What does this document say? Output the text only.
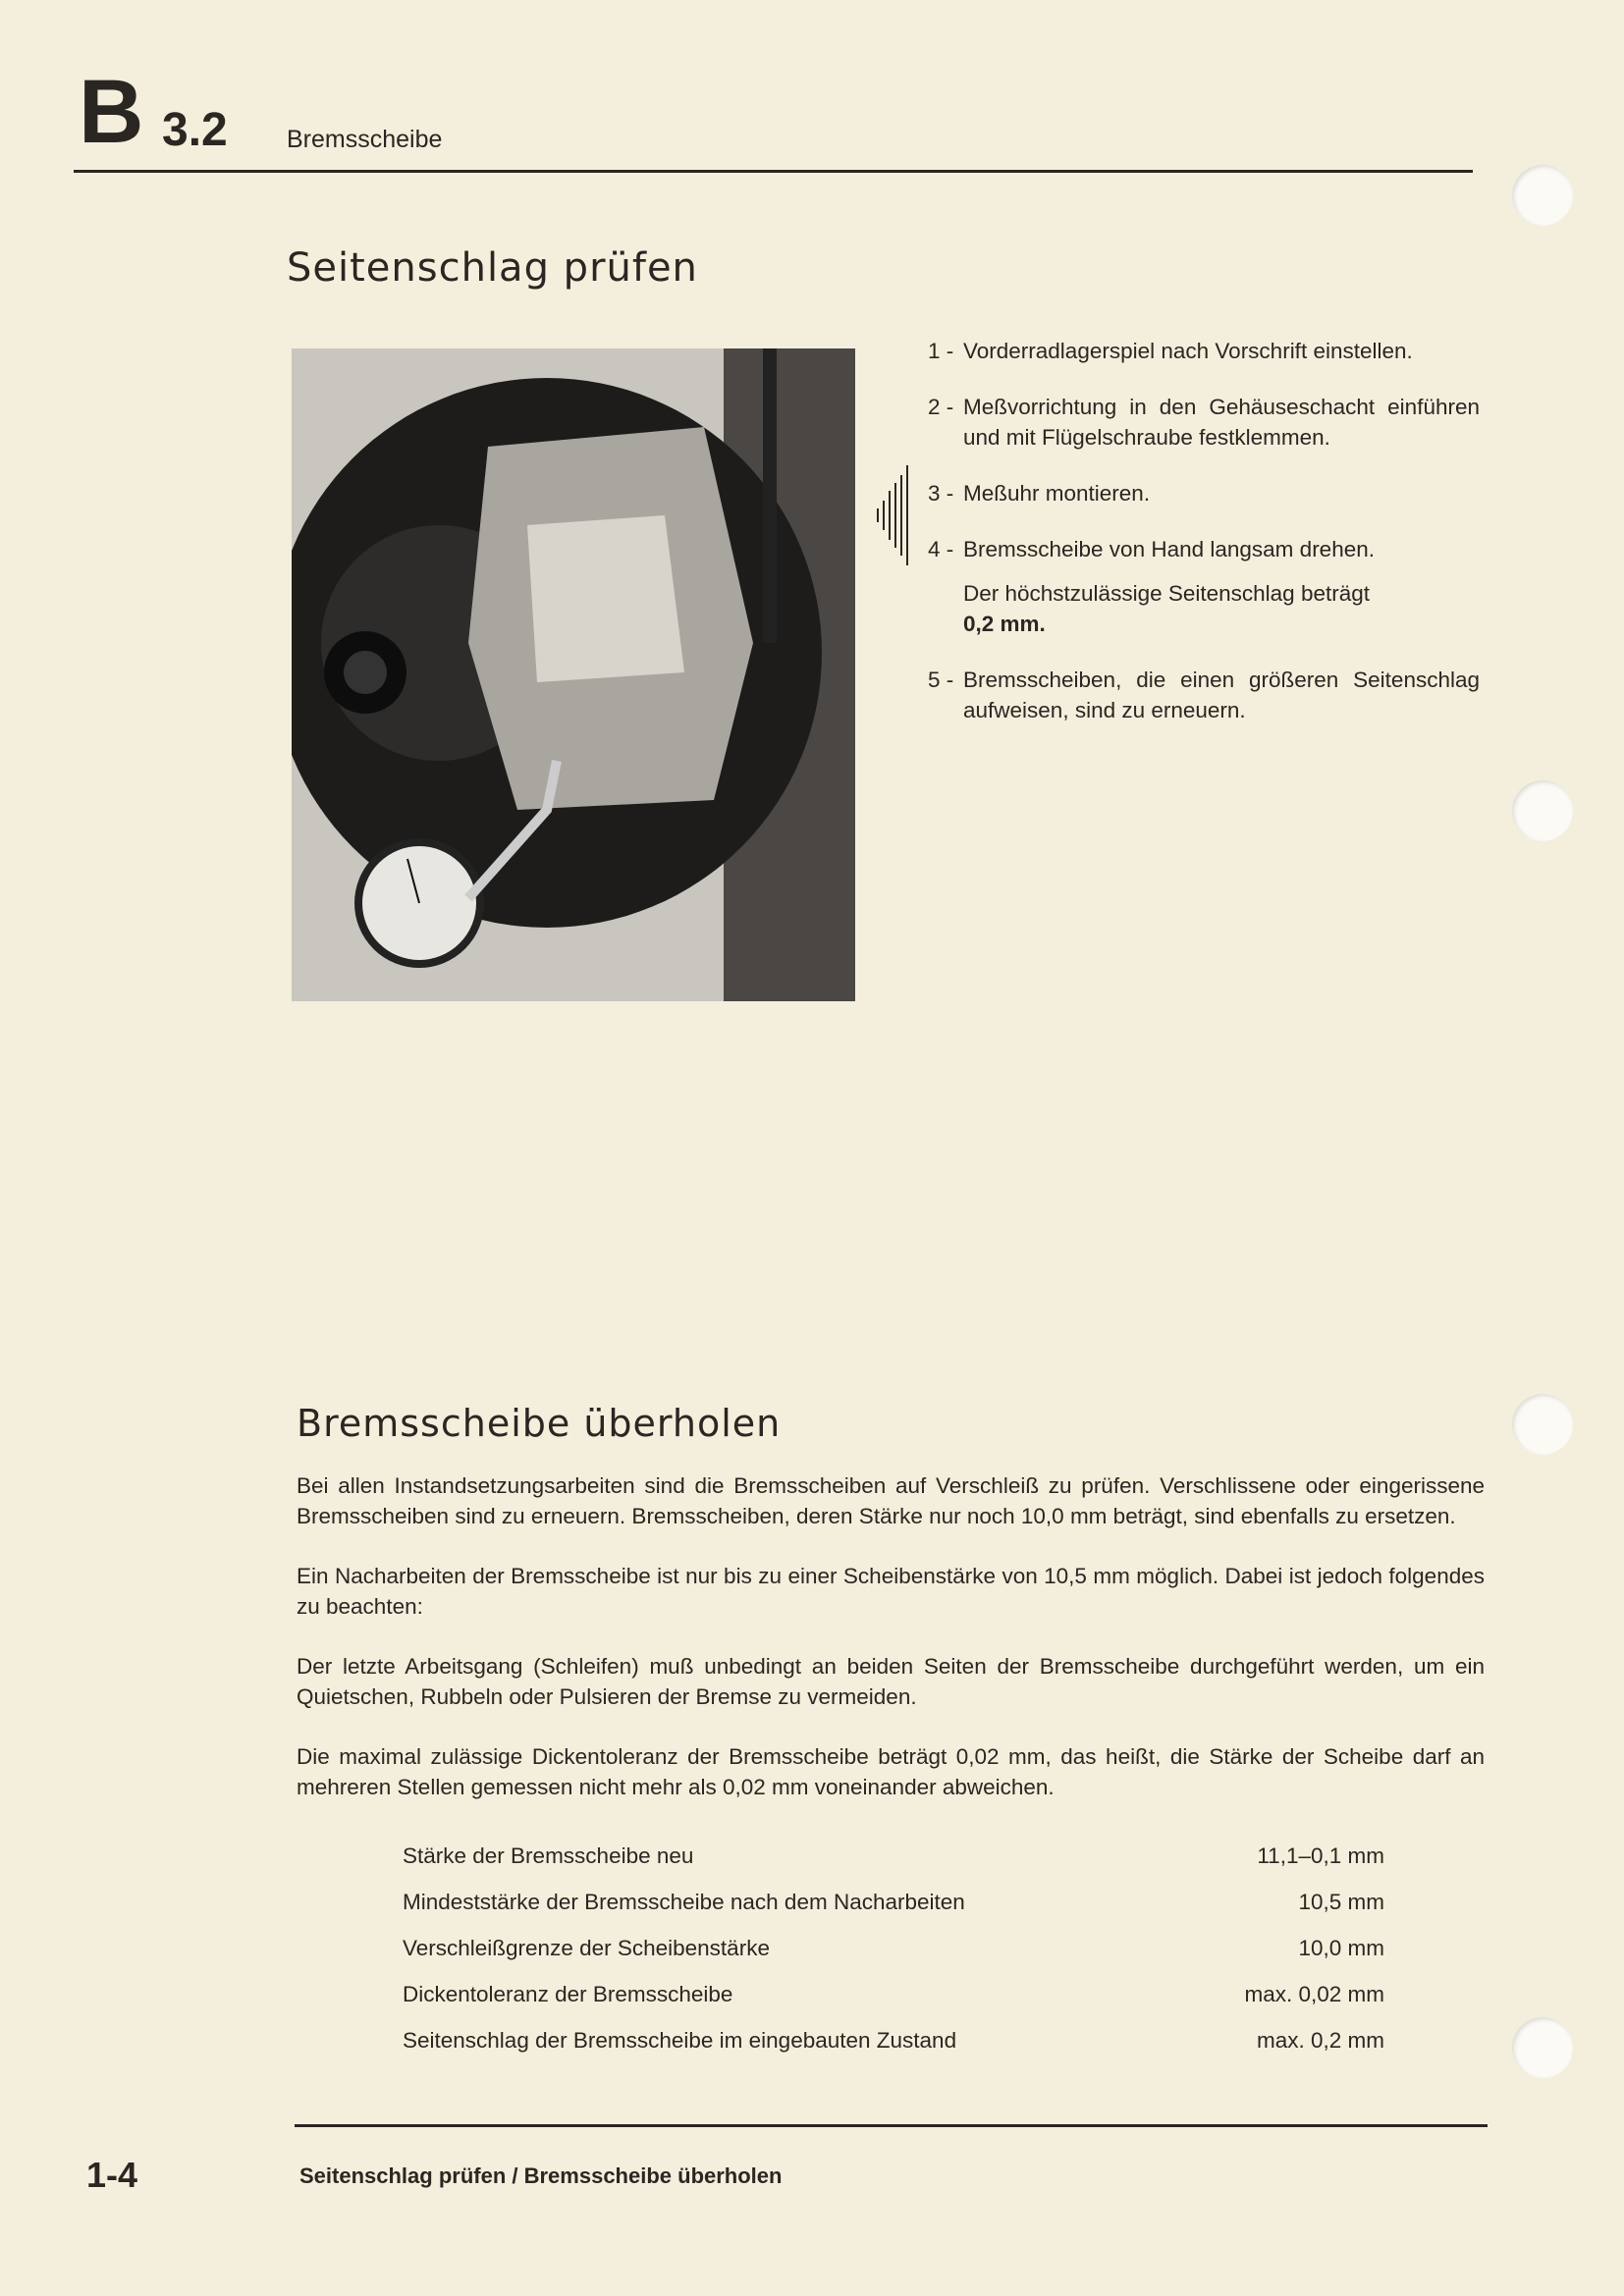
B 3.2 Bremsscheibe
Seitenschlag prüfen
1 - Vorderradlagerspiel nach Vorschrift einstellen.
2 - Meßvorrichtung in den Gehäuseschacht einführen und mit Flügelschraube festklemmen.
3 - Meßuhr montieren.
4 - Bremsscheibe von Hand langsam drehen.
Der höchstzulässige Seitenschlag beträgt
0,2 mm.
5 - Bremsscheiben, die einen größeren Seitenschlag aufweisen, sind zu erneuern.
Bremsscheibe überholen

Bei allen Instandsetzungsarbeiten sind die Bremsscheiben auf Verschleiß zu prüfen. Verschlissene oder eingerissene Bremsscheiben sind zu erneuern. Bremsscheiben, deren Stärke nur noch 10,0 mm beträgt, sind ebenfalls zu ersetzen.

Ein Nacharbeiten der Bremsscheibe ist nur bis zu einer Scheibenstärke von 10,5 mm möglich. Dabei ist jedoch folgendes zu beachten:

Der letzte Arbeitsgang (Schleifen) muß unbedingt an beiden Seiten der Bremsscheibe durchgeführt werden, um ein Quietschen, Rubbeln oder Pulsieren der Bremse zu vermeiden.

Die maximal zulässige Dickentoleranz der Bremsscheibe beträgt 0,02 mm, das heißt, die Stärke der Scheibe darf an mehreren Stellen gemessen nicht mehr als 0,02 mm voneinander abweichen.

Stärke der Bremsscheibe neu	11,1–0,1 mm
Mindeststärke der Bremsscheibe nach dem Nacharbeiten	10,5 mm
Verschleißgrenze der Scheibenstärke	10,0 mm
Dickentoleranz der Bremsscheibe	max. 0,02 mm
Seitenschlag der Bremsscheibe im eingebauten Zustand	max. 0,2 mm
1-4	Seitenschlag prüfen / Bremsscheibe überholen
